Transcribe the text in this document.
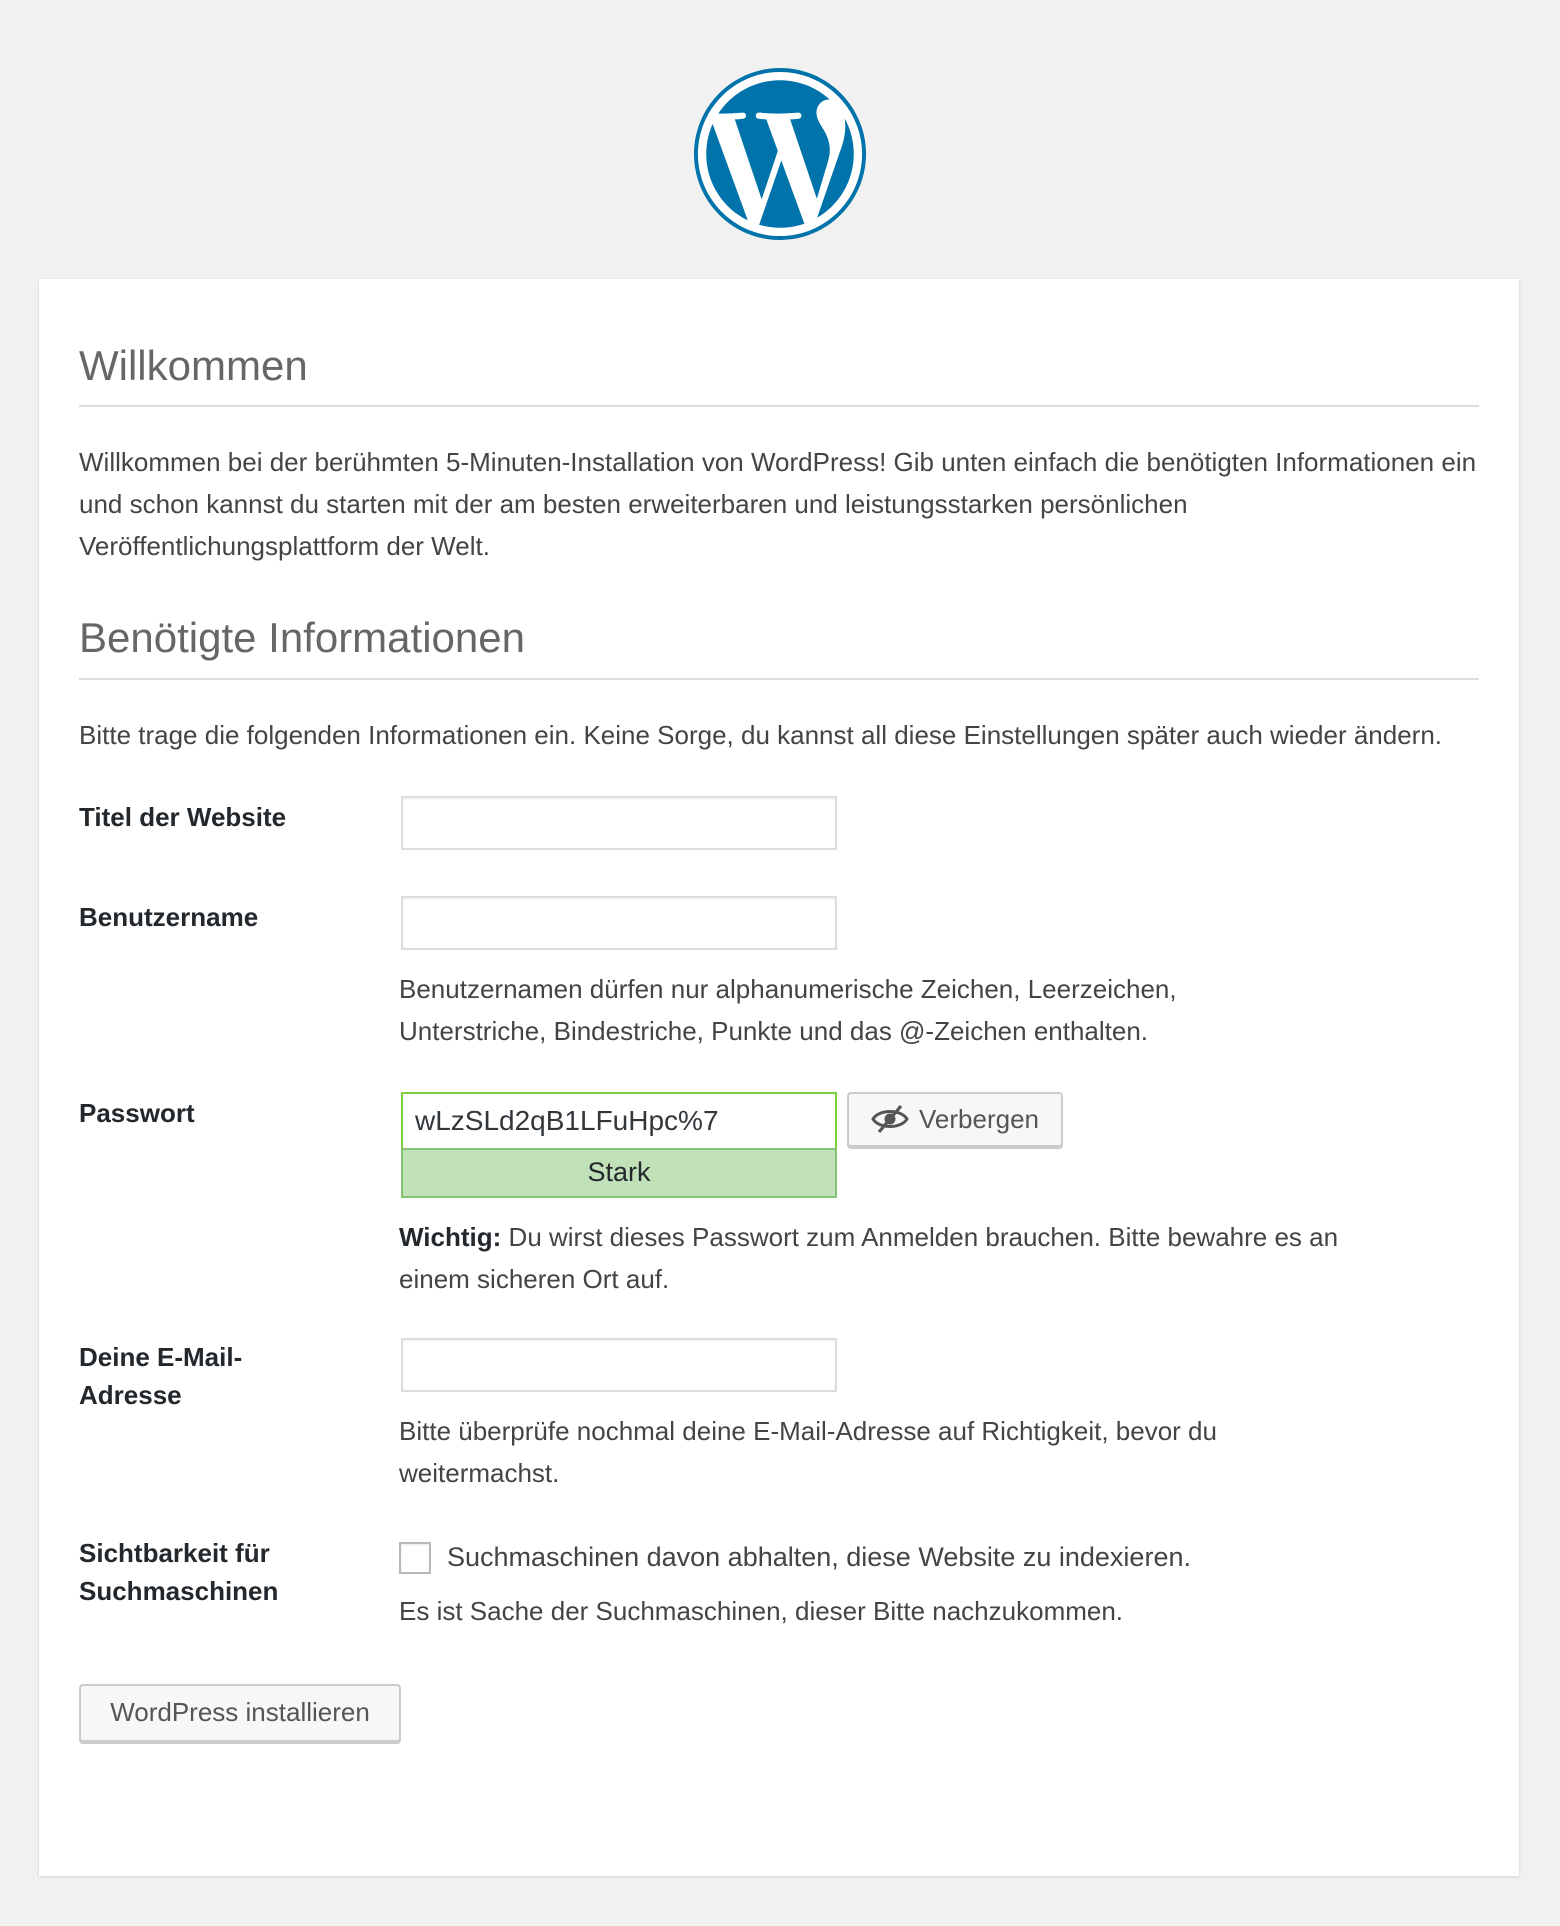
Willkommen

Willkommen bei der berühmten 5-Minuten-Installation von WordPress! Gib unten einfach die benötigten Informationen ein und schon kannst du starten mit der am besten erweiterbaren und leistungsstarken persönlichen Veröffentlichungsplattform der Welt.

Benötigte Informationen

Bitte trage die folgenden Informationen ein. Keine Sorge, du kannst all diese Einstellungen später auch wieder ändern.

Titel der Website
Benutzername

Benutzernamen dürfen nur alphanumerische Zeichen, Leerzeichen, Unterstriche, Bindestriche, Punkte und das @-Zeichen enthalten.

Passwort	wLzSLd2qB1LFuHpc%7
Stark
Verbergen

Wichtig: Du wirst dieses Passwort zum Anmelden brauchen. Bitte bewahre es an einem sicheren Ort auf.

Deine E-Mail-Adresse

Bitte überprüfe nochmal deine E-Mail-Adresse auf Richtigkeit, bevor du weitermachst.

Sichtbarkeit für Suchmaschinen
Suchmaschinen davon abhalten, diese Website zu indexieren.

Es ist Sache der Suchmaschinen, dieser Bitte nachzukommen.

WordPress installieren
